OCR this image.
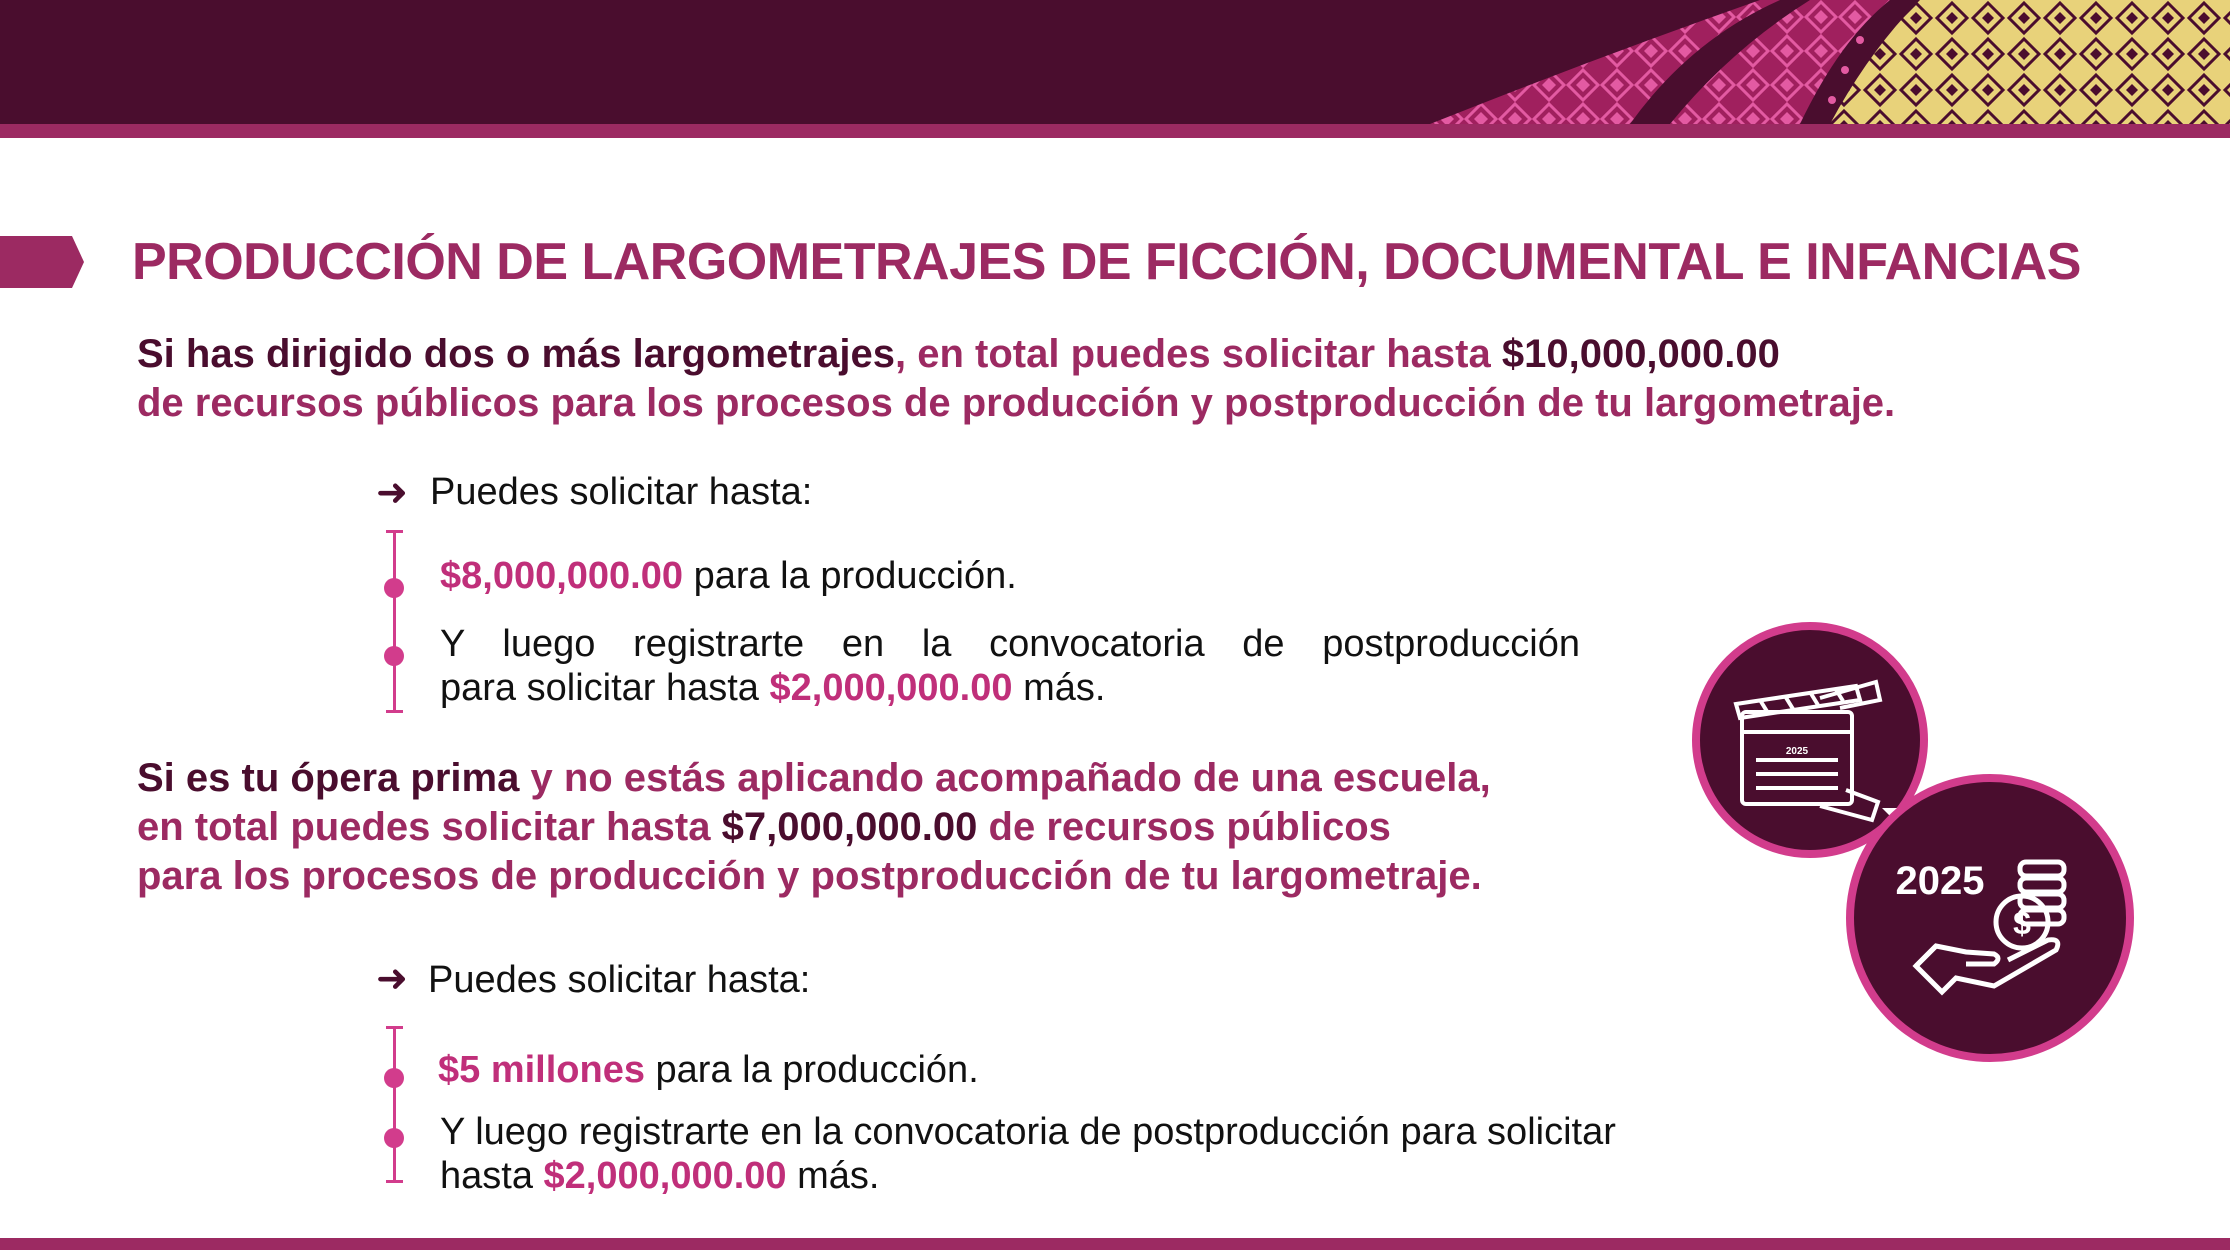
PRODUCCIÓN DE LARGOMETRAJES DE FICCIÓN, DOCUMENTAL E INFANCIAS
Si has dirigido dos o más largometrajes, en total puedes solicitar hasta $10,000,000.00
de recursos públicos para los procesos de producción y postproducción de tu largometraje.
➜ Puedes solicitar hasta:
$8,000,000.00 para la producción.
Y luego registrarte en la convocatoria de postproducción
para solicitar hasta $2,000,000.00 más.
Si es tu ópera prima y no estás aplicando acompañado de una escuela,
en total puedes solicitar hasta $7,000,000.00 de recursos públicos
para los procesos de producción y postproducción de tu largometraje.
➜ Puedes solicitar hasta:
$5 millones para la producción.
Y luego registrarte en la convocatoria de postproducción para solicitar
hasta $2,000,000.00 más.
2025
2025
$
